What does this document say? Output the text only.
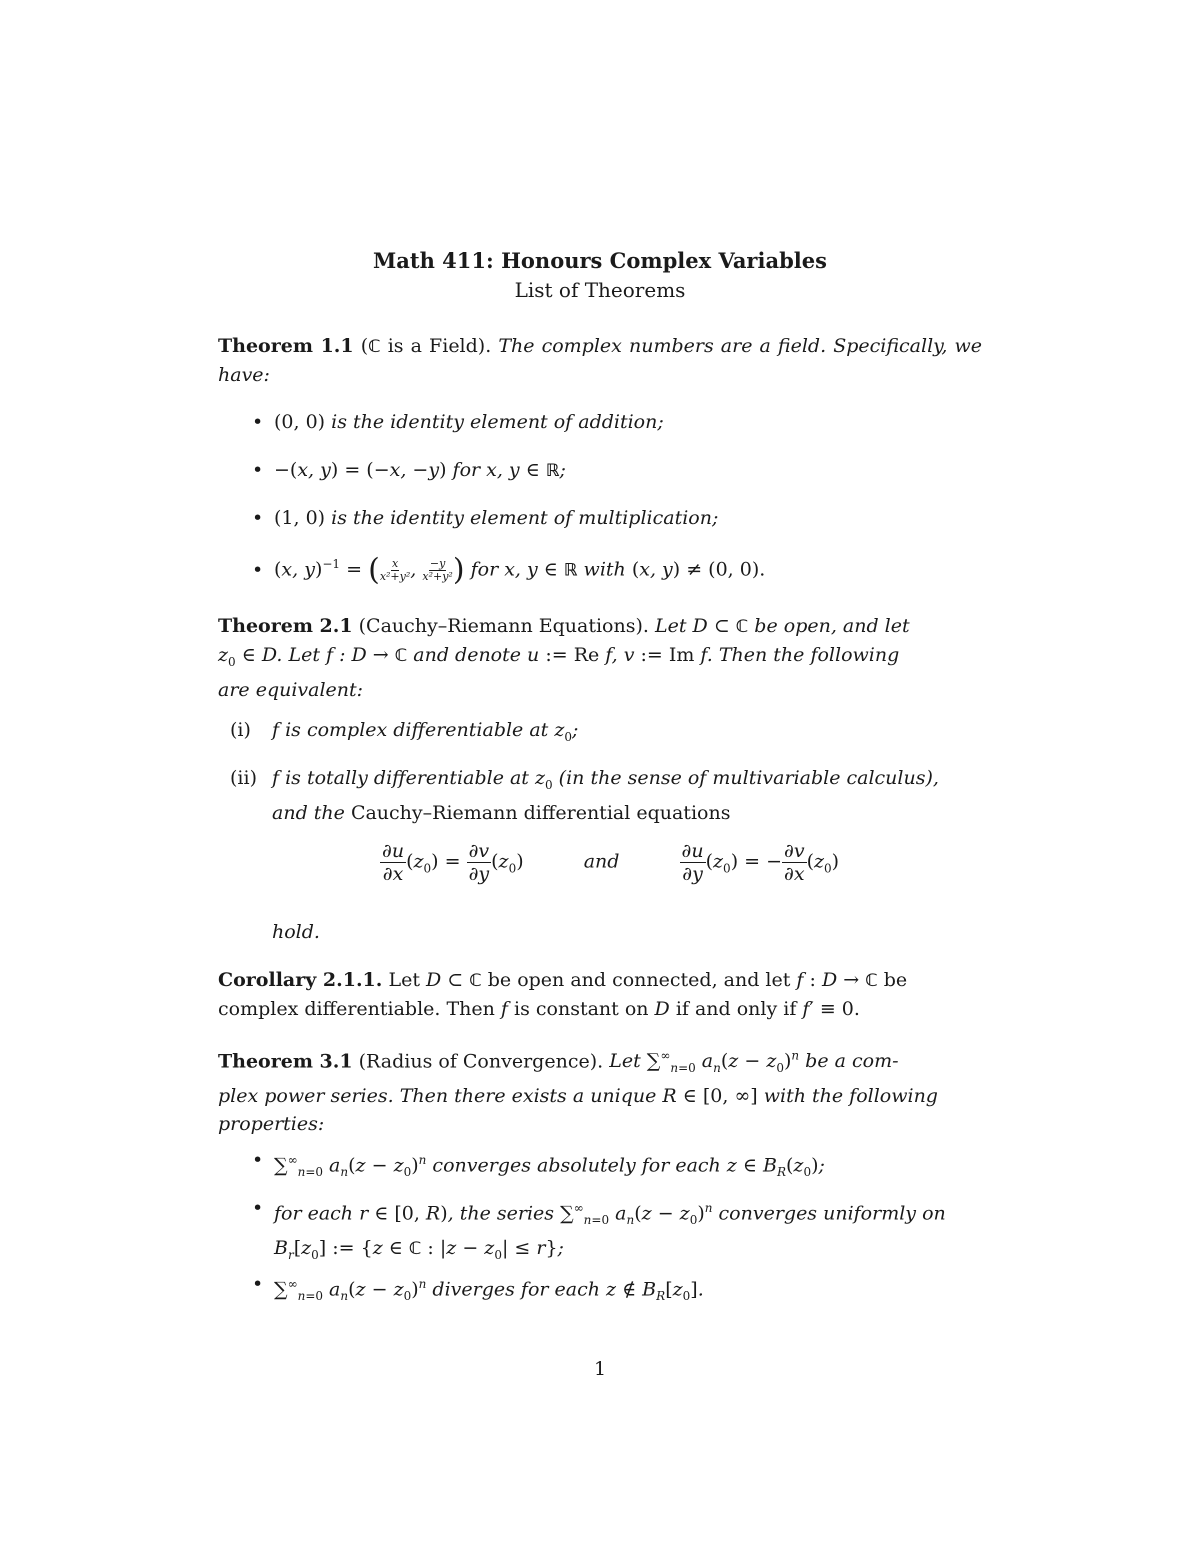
Math 411: Honours Complex Variables
List of Theorems
Theorem 1.1 (ℂ is a Field). The complex numbers are a field. Specifically, we have:
• (0, 0) is the identity element of addition;
• −(x, y) = (−x, −y) for x, y ∈ ℝ;
• (1, 0) is the identity element of multiplication;
• (x, y)$^{-1}$ = ( $\frac{x}{\text{x²+y²}}$ , $\frac{-y}{\text{x²+y²}}$ ) for x, y ∈ ℝ with (x, y) ≠ (0, 0).
Theorem 2.1 (Cauchy–Riemann Equations). Let D ⊂ ℂ be open, and let
$z_0$ ∈ D. Let f : D → ℂ and denote u := Re f, v := Im f. Then the following
are equivalent:
(i) f is complex differentiable at $z_0$;
(ii) f is totally differentiable at $z_0$ (in the sense of multivariable calculus),
and the Cauchy–Riemann differential equations
$\frac{\partial u}{\partial x} (z_0) = \frac{\partial v}{\partial y} (z_0)$	and	$\frac{\partial u}{\partial y} (z_0)$ = − $\frac{\partial v}{\partial x} (z_0)$
hold.
Corollary 2.1.1. Let D ⊂ ℂ be open and connected, and let f : D → ℂ be
complex differentiable. Then f is constant on D if and only if f′ ≡ 0.
Theorem 3.1 (Radius of Convergence). Let $\sum^\infty_{n=0}$ $a_n(z - z_0)^n$ be a com-
plex power series. Then there exists a unique R ∈ [0, ∞] with the following
properties:
• $\sum^\infty_{n=0}$ $a_n(z - z_0)^n$ converges absolutely for each z ∈ $B_R(z_0)$;
• for each r ∈ [0, R), the series $\sum^\infty_{n=0}$ $a_n(z - z_0)^n$ converges uniformly on
$B_r[z_0]$ := {z ∈ ℂ : $|z - z_0| \le r$};
• $\sum^\infty_{n=0}$ $a_n(z - z_0)^n$ diverges for each z ∉ $B_R[z_0]$.
1
